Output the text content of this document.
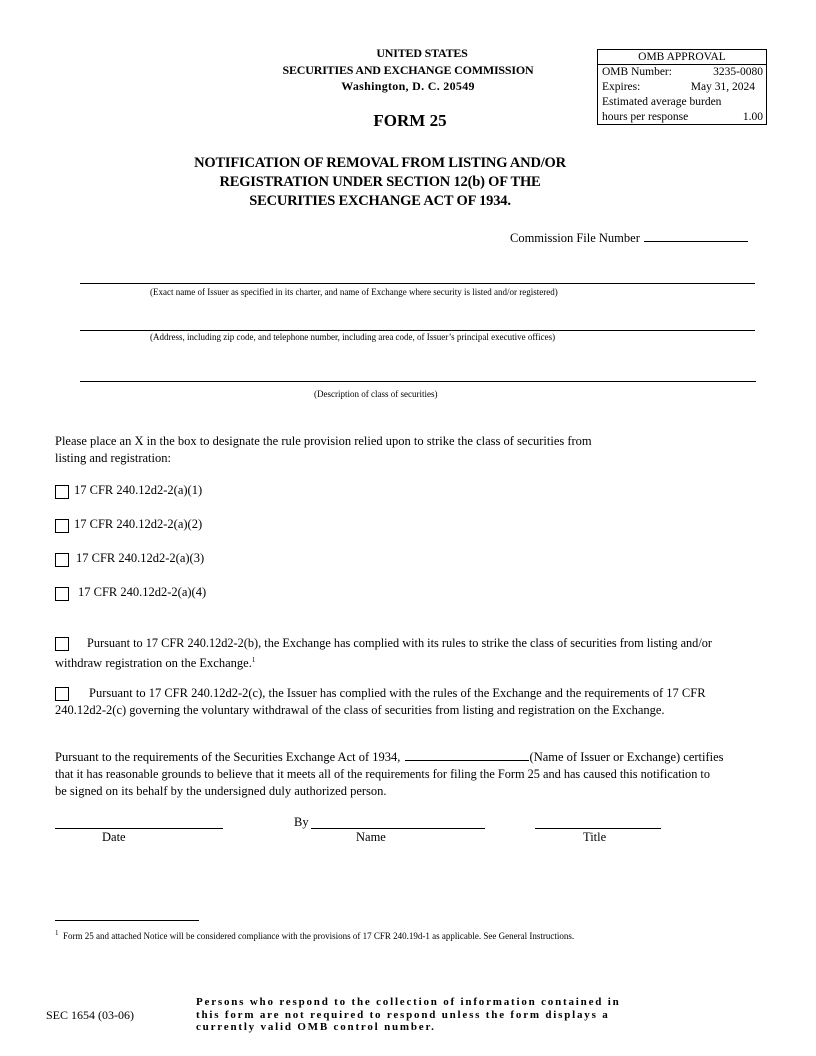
UNITED STATES
SECURITIES AND EXCHANGE COMMISSION
Washington, D. C. 20549
FORM 25
OMB APPROVAL
OMB Number:	3235-0080
Expires:	May 31, 2024
Estimated average burden
hours per response	1.00
NOTIFICATION OF REMOVAL FROM LISTING AND/OR
REGISTRATION UNDER SECTION 12(b) OF THE
SECURITIES EXCHANGE ACT OF 1934.
Commission File Number
(Exact name of Issuer as specified in its charter, and name of Exchange where security is listed and/or registered)
(Address, including zip code, and telephone number, including area code, of Issuer’s principal executive offices)
(Description of class of securities)
Please place an X in the box to designate the rule provision relied upon to strike the class of securities from
listing and registration:
17 CFR 240.12d2-2(a)(1)
17 CFR 240.12d2-2(a)(2)
17 CFR 240.12d2-2(a)(3)
17 CFR 240.12d2-2(a)(4)
Pursuant to 17 CFR 240.12d2-2(b), the Exchange has complied with its rules to strike the class of securities from listing and/or
withdraw registration on the Exchange.$^1$
Pursuant to 17 CFR 240.12d2-2(c), the Issuer has complied with the rules of the Exchange and the requirements of 17 CFR
240.12d2-2(c) governing the voluntary withdrawal of the class of securities from listing and registration on the Exchange.
Pursuant to the requirements of the Securities Exchange Act of 1934,	(Name of Issuer or Exchange) certifies
that it has reasonable grounds to believe that it meets all of the requirements for filing the Form 25 and has caused this notification to
be signed on its behalf by the undersigned duly authorized person.
By
Date	Name	Title
$^1$ Form 25 and attached Notice will be considered compliance with the provisions of 17 CFR 240.19d-1 as applicable. See General Instructions.
SEC 1654 (03-06)
Persons who respond to the collection of information contained in this form are not required to respond unless the form displays a currently valid OMB control number.
